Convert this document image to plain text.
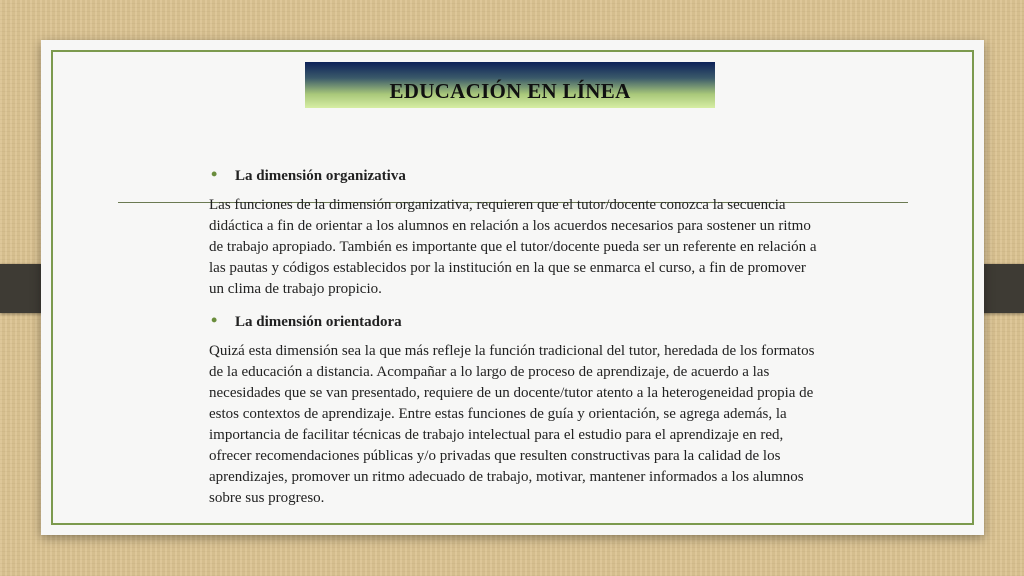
EDUCACIÓN EN LÍNEA
•	La dimensión organizativa

Las funciones de la dimensión organizativa, requieren que el tutor/docente conozca la secuencia didáctica a fin de orientar a los alumnos en relación a los acuerdos necesarios para sostener un ritmo de trabajo apropiado. También es importante que el tutor/docente pueda ser un referente en relación a las pautas y códigos establecidos por la institución en la que se enmarca el curso, a fin de promover un clima de trabajo propicio.

•	La dimensión orientadora

Quizá esta dimensión sea la que más refleje la función tradicional del tutor, heredada de los formatos de la educación a distancia. Acompañar a lo largo de proceso de aprendizaje, de acuerdo a las necesidades que se van presentado, requiere de un docente/tutor atento a la heterogeneidad propia de estos contextos de aprendizaje. Entre estas funciones de guía y orientación, se agrega además, la importancia de facilitar técnicas de trabajo intelectual para el estudio para el aprendizaje en red, ofrecer recomendaciones públicas y/o privadas que resulten constructivas para la calidad de los aprendizajes, promover un ritmo adecuado de trabajo, motivar, mantener informados a los alumnos sobre sus progreso.
